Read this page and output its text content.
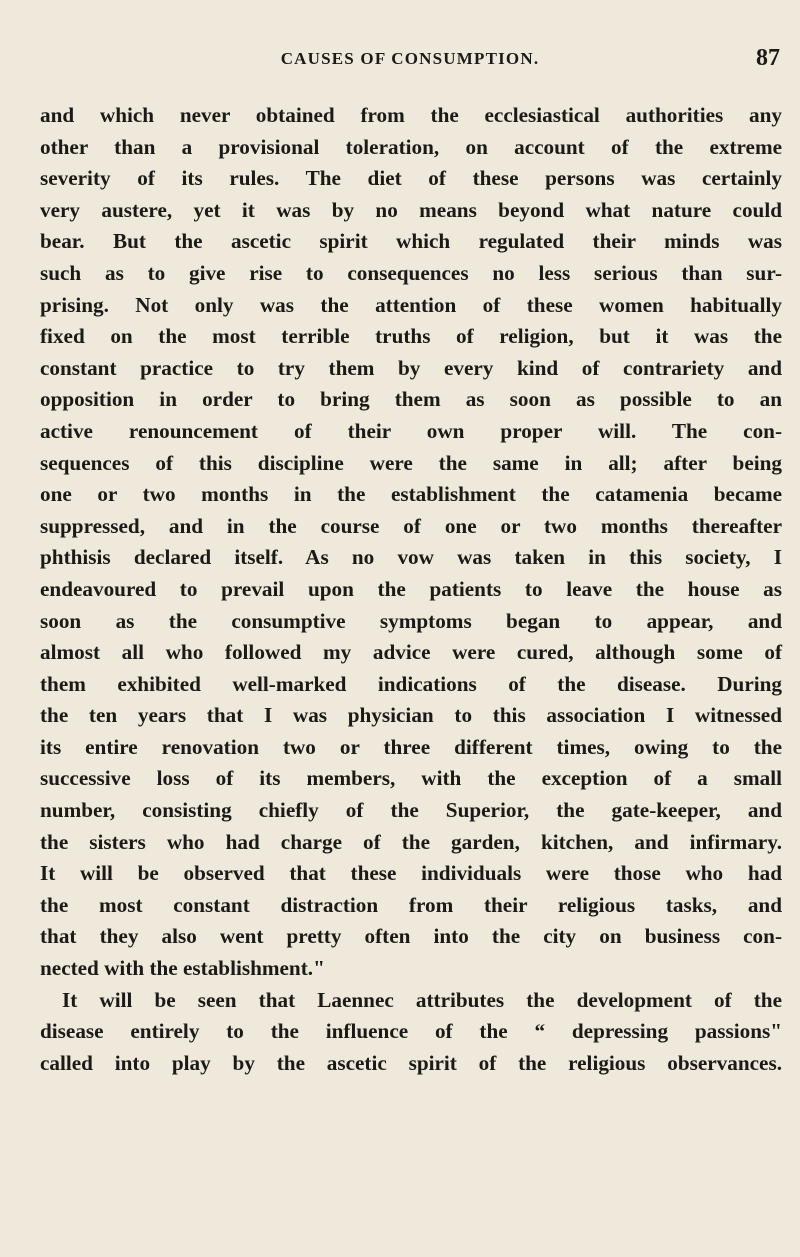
CAUSES OF CONSUMPTION.	87
and which never obtained from the ecclesiastical authorities any
other than a provisional toleration, on account of the extreme
severity of its rules. The diet of these persons was certainly
very austere, yet it was by no means beyond what nature could
bear. But the ascetic spirit which regulated their minds was
such as to give rise to consequences no less serious than sur-
prising. Not only was the attention of these women habitually
fixed on the most terrible truths of religion, but it was the
constant practice to try them by every kind of contrariety and
opposition in order to bring them as soon as possible to an
active renouncement of their own proper will. The con-
sequences of this discipline were the same in all; after being
one or two months in the establishment the catamenia became
suppressed, and in the course of one or two months thereafter
phthisis declared itself. As no vow was taken in this society, I
endeavoured to prevail upon the patients to leave the house as
soon as the consumptive symptoms began to appear, and
almost all who followed my advice were cured, although some of
them exhibited well-marked indications of the disease. During
the ten years that I was physician to this association I witnessed
its entire renovation two or three different times, owing to the
successive loss of its members, with the exception of a small
number, consisting chiefly of the Superior, the gate-keeper, and
the sisters who had charge of the garden, kitchen, and infirmary.
It will be observed that these individuals were those who had
the most constant distraction from their religious tasks, and
that they also went pretty often into the city on business con-
nected with the establishment."
It will be seen that Laennec attributes the development of the
disease entirely to the influence of the “ depressing passions"
called into play by the ascetic spirit of the religious observances.
